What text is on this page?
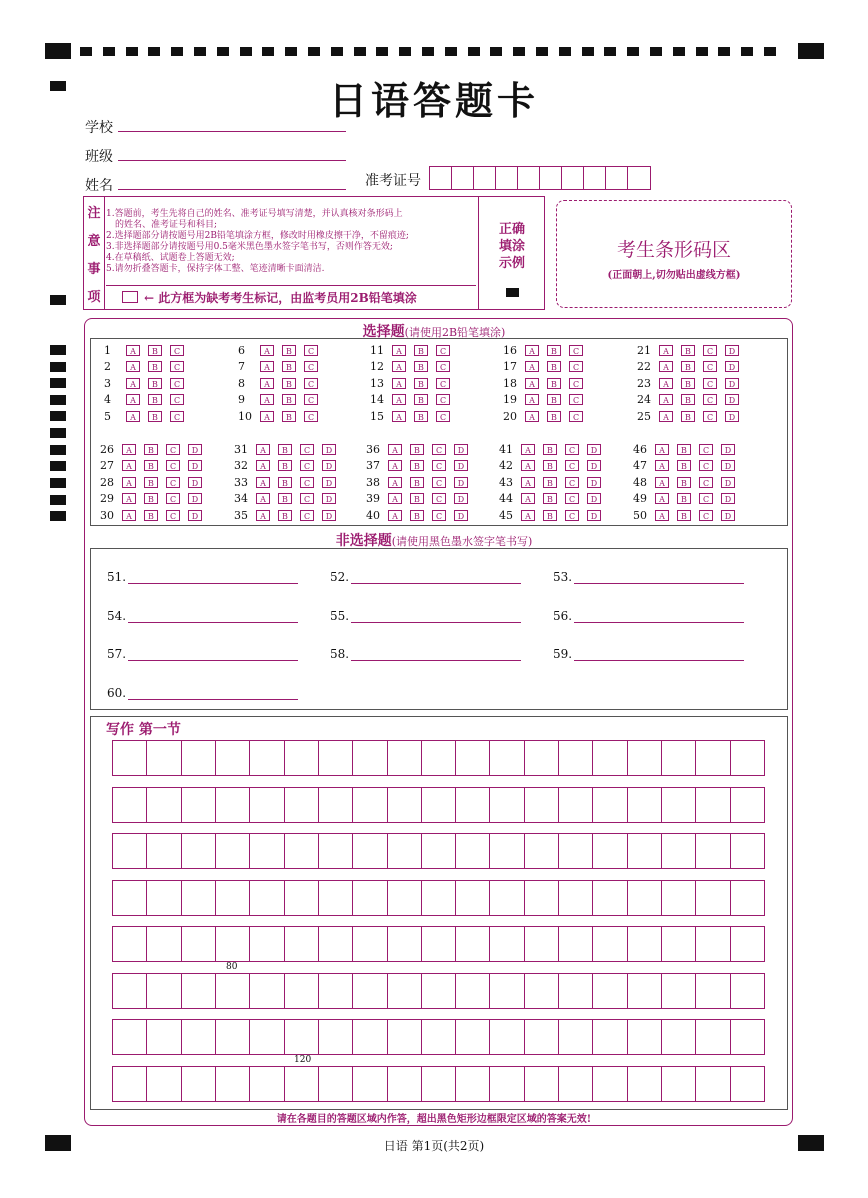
日语答题卡
学校
班级
姓名	准考证号
注
意
事
项
1.答题前，考生先将自己的姓名、准考证号填写清楚，并认真核对条形码上
　的姓名、准考证号和科目;
2.选择题部分请按题号用2B铅笔填涂方框，修改时用橡皮擦干净，不留痕迹;
3.非选择题部分请按题号用0.5毫米黑色墨水签字笔书写，否则作答无效;
4.在草稿纸、试题卷上答题无效;
5.请勿折叠答题卡，保持字体工整、笔迹清晰卡面清洁.
← 此方框为缺考考生标记，由监考员用2B铅笔填涂
正确
填涂
示例
考生条形码区
(正面朝上,切勿贴出虚线方框)
选择题(请使用2B铅笔填涂)
1	A	B	C
2	A	B	C
3	A	B	C
4	A	B	C
5	A	B	C
26	A	B	C	D
27	A	B	C	D
28	A	B	C	D
29	A	B	C	D
30	A	B	C	D
6	A	B	C
7	A	B	C
8	A	B	C
9	A	B	C
10	A	B	C
31	A	B	C	D
32	A	B	C	D
33	A	B	C	D
34	A	B	C	D
35	A	B	C	D
11	A	B	C
12	A	B	C
13	A	B	C
14	A	B	C
15	A	B	C
36	A	B	C	D
37	A	B	C	D
38	A	B	C	D
39	A	B	C	D
40	A	B	C	D
16	A	B	C
17	A	B	C
18	A	B	C
19	A	B	C
20	A	B	C
41	A	B	C	D
42	A	B	C	D
43	A	B	C	D
44	A	B	C	D
45	A	B	C	D
21	A	B	C	D
22	A	B	C	D
23	A	B	C	D
24	A	B	C	D
25	A	B	C	D
46	A	B	C	D
47	A	B	C	D
48	A	B	C	D
49	A	B	C	D
50	A	B	C	D
非选择题(请使用黑色墨水签字笔书写)
51.	52.	53.
54.	55.	56.
57.	58.	59.
60.
写作 第一节
80
120
请在各题目的答题区域内作答，超出黑色矩形边框限定区域的答案无效!
日语 第1页(共2页)
